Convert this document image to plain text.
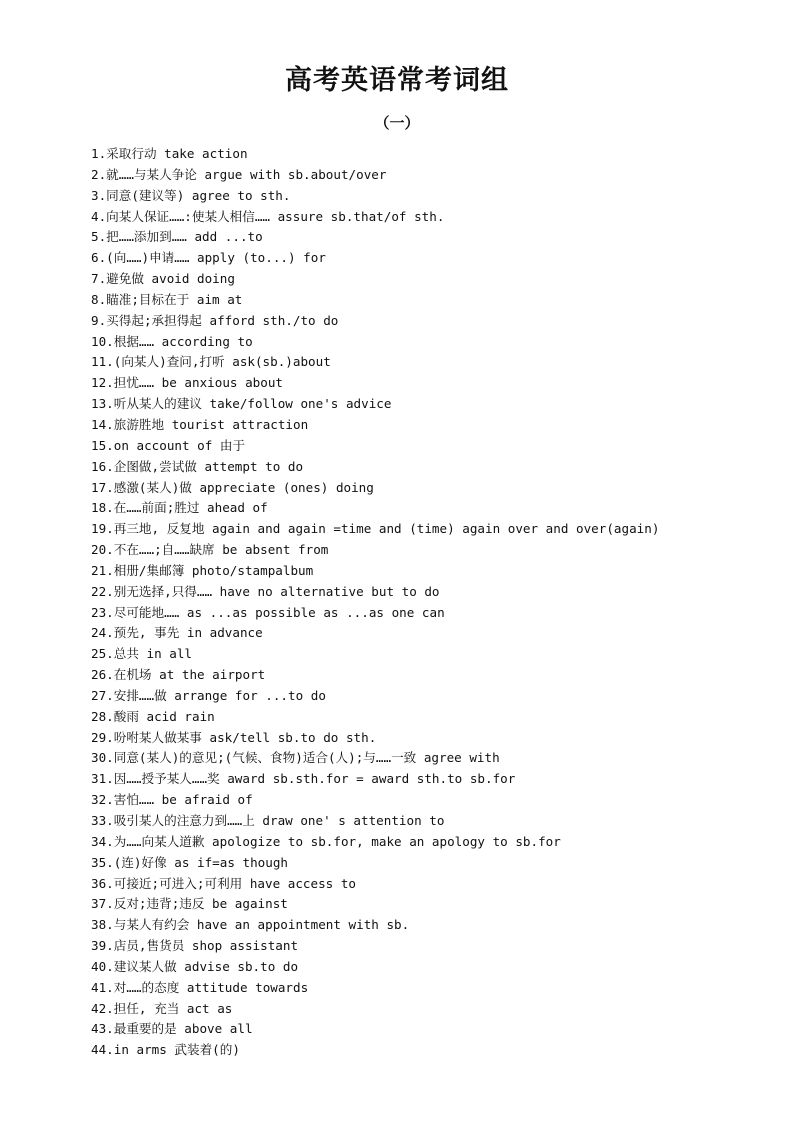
高考英语常考词组
（一）
1.采取行动 take action
2.就……与某人争论 argue with sb.about/over
3.同意(建议等) agree to sth.
4.向某人保证……:使某人相信…… assure sb.that/of sth.
5.把……添加到…… add ...to
6.(向……)申请…… apply (to...) for
7.避免做 avoid doing
8.瞄准;目标在于 aim at
9.买得起;承担得起 afford sth./to do
10.根据…… according to
11.(向某人)查问,打听 ask(sb.)about
12.担忧…… be anxious about
13.听从某人的建议 take/follow one's advice
14.旅游胜地 tourist attraction
15.on account of 由于
16.企图做,尝试做 attempt to do
17.感激(某人)做 appreciate (ones) doing
18.在……前面;胜过 ahead of
19.再三地, 反复地 again and again =time and (time) again over and over(again)
20.不在……;自……缺席 be absent from
21.相册/集邮簿 photo/stampalbum
22.别无选择,只得…… have no alternative but to do
23.尽可能地…… as ...as possible as ...as one can
24.预先, 事先 in advance
25.总共 in all
26.在机场 at the airport
27.安排……做 arrange for ...to do
28.酸雨 acid rain
29.吩咐某人做某事 ask/tell sb.to do sth.
30.同意(某人)的意见;(气候、食物)适合(人);与……一致 agree with
31.因……授予某人……奖 award sb.sth.for = award sth.to sb.for
32.害怕…… be afraid of
33.吸引某人的注意力到……上 draw one' s attention to
34.为……向某人道歉 apologize to sb.for, make an apology to sb.for
35.(连)好像 as if=as though
36.可接近;可进入;可利用 have access to
37.反对;违背;违反 be against
38.与某人有约会 have an appointment with sb.
39.店员,售货员 shop assistant
40.建议某人做 advise sb.to do
41.对……的态度 attitude towards
42.担任, 充当 act as
43.最重要的是 above all
44.in arms 武装着(的)
